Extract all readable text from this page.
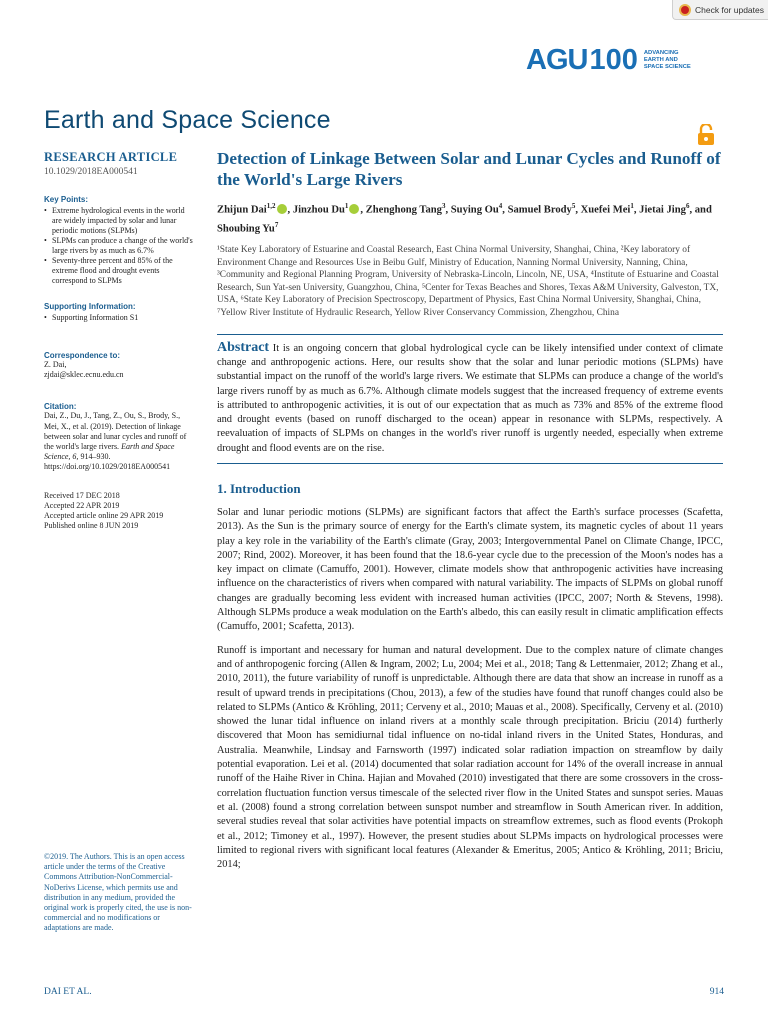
Check for updates
AGU 100 ADVANCING
EARTH AND
SPACE SCIENCE
Earth and Space Science
RESEARCH ARTICLE
10.1029/2018EA000541
Key Points:
• Extreme hydrological events in the world are widely impacted by solar and lunar periodic motions (SLPMs)
• SLPMs can produce a change of the world's large rivers by as much as 6.7%
• Seventy-three percent and 85% of the extreme flood and drought events correspond to SLPMs
Supporting Information:
• Supporting Information S1
Correspondence to:
Z. Dai,
zjdai@sklec.ecnu.edu.cn
Citation:
Dai, Z., Du, J., Tang, Z., Ou, S., Brody, S., Mei, X., et al. (2019). Detection of linkage between solar and lunar cycles and runoff of the world's large rivers. Earth and Space Science, 6, 914–930. https://doi.org/10.1029/2018EA000541
Received 17 DEC 2018
Accepted 22 APR 2019
Accepted article online 29 APR 2019
Published online 8 JUN 2019
©2019. The Authors. This is an open access article under the terms of the Creative Commons Attribution-NonCommercial-NoDerivs License, which permits use and distribution in any medium, provided the original work is properly cited, the use is non-commercial and no modifications or adaptations are made.
Detection of Linkage Between Solar and Lunar Cycles and Runoff of the World's Large Rivers
Zhijun Dai$^{1,2}$ , Jinzhou Du$^1$ , Zhenghong Tang$^3$, Suying Ou$^4$, Samuel Brody$^5$, Xuefei Mei$^1$, Jietai Jing$^6$, and Shoubing Yu$^7$
¹State Key Laboratory of Estuarine and Coastal Research, East China Normal University, Shanghai, China, ²Key laboratory of Environment Change and Resources Use in Beibu Gulf, Ministry of Education, Nanning Normal University, Nanning, China, ³Community and Regional Planning Program, University of Nebraska-Lincoln, Lincoln, NE, USA, ⁴Institute of Estuarine and Coastal Research, Sun Yat-sen University, Guangzhou, China, ⁵Center for Texas Beaches and Shores, Texas A&M University, Galveston, TX, USA, ⁶State Key Laboratory of Precision Spectroscopy, Department of Physics, East China Normal University, Shanghai, China, ⁷Yellow River Institute of Hydraulic Research, Yellow River Conservancy Commission, Zhengzhou, China
Abstract It is an ongoing concern that global hydrological cycle can be likely intensified under context of climate change and anthropogenic actions. Here, our results show that the solar and lunar periodic motions (SLPMs) have substantial impact on the runoff of the world's large rivers. We estimate that SLPMs can produce a change of the world's large rivers runoff by as much as 6.7%. Although climate models suggest that the increased frequency of extreme events is attributed to anthropogenic activities, it is out of our expectation that as much as 73% and 85% of the extreme flood and drought events (based on runoff discharged to the ocean) appear in resonance with SLPMs, respectively. A reevaluation of impacts of SLPMs on changes in the world's river runoff is urgently needed, especially when extreme drought and flood events are on the rise.
1. Introduction

Solar and lunar periodic motions (SLPMs) are significant factors that affect the Earth's surface processes (Scafetta, 2013). As the Sun is the primary source of energy for the Earth's climate system, its magnetic cycles of about 11 years play a key role in the variability of the Earth's climate (Gray, 2003; Intergovernmental Panel on Climate Change, IPCC, 2007; Rind, 2002). Moreover, it has been found that the 18.6-year cycle due to the precession of the Moon's nodes has a key impact on climate (Camuffo, 2001). However, climate models show that anthropogenic activities have increasing influence on the characteristics of rivers when compared with natural variability. The impacts of SLPMs on global runoff changes are gradually becoming less evident with increased human activities (IPCC, 2007; North & Stevens, 1998). Although SLPMs produce a weak modulation on the Earth's albedo, this can easily result in climatic amplification effects (Camuffo, 2001; Scafetta, 2013).

Runoff is important and necessary for human and natural development. Due to the complex nature of climate changes and of anthropogenic forcing (Allen & Ingram, 2002; Lu, 2004; Mei et al., 2018; Tang & Lettenmaier, 2012; Zhang et al., 2010, 2011), the future variability of runoff is unpredictable. Although there are data that show an increase in runoff as a result of upward trends in precipitations (Chou, 2013), a few of the studies have found that runoff changes could also be related to SLPMs (Antico & Kröhling, 2011; Cerveny et al., 2010; Mauas et al., 2008). Specifically, Cerveny et al. (2010) showed the lunar tidal influence on inland rivers at a monthly scale through precipitation. Briciu (2014) furtherly discovered that Moon has semidiurnal tidal influence on no-tidal inland rivers in the United States, Honduras, and Australia. Meanwhile, Lindsay and Farnsworth (1997) indicated solar radiation impaction on streamflow by daily potential evaporation. Lei et al. (2014) documented that solar radiation account for 14% of the overall increase in annual runoff of the Haihe River in China. Hajian and Movahed (2010) investigated that there are some crossovers in the cross-correlation fluctuation function versus timescale of the selected river flow in the United States and sunspot series. Mauas et al. (2008) found a strong correlation between sunspot number and streamflow in South American river. In addition, several studies reveal that solar activities have potential impacts on streamflow extremes, such as flood events (Prokoph et al., 2012; Timoney et al., 1997). However, the present studies about SLPMs impacts on hydrological processes were limited to regional rivers with significant local features (Alexander & Emeritus, 2005; Antico & Kröhling, 2011; Briciu, 2014;

DAI ET AL.	914
